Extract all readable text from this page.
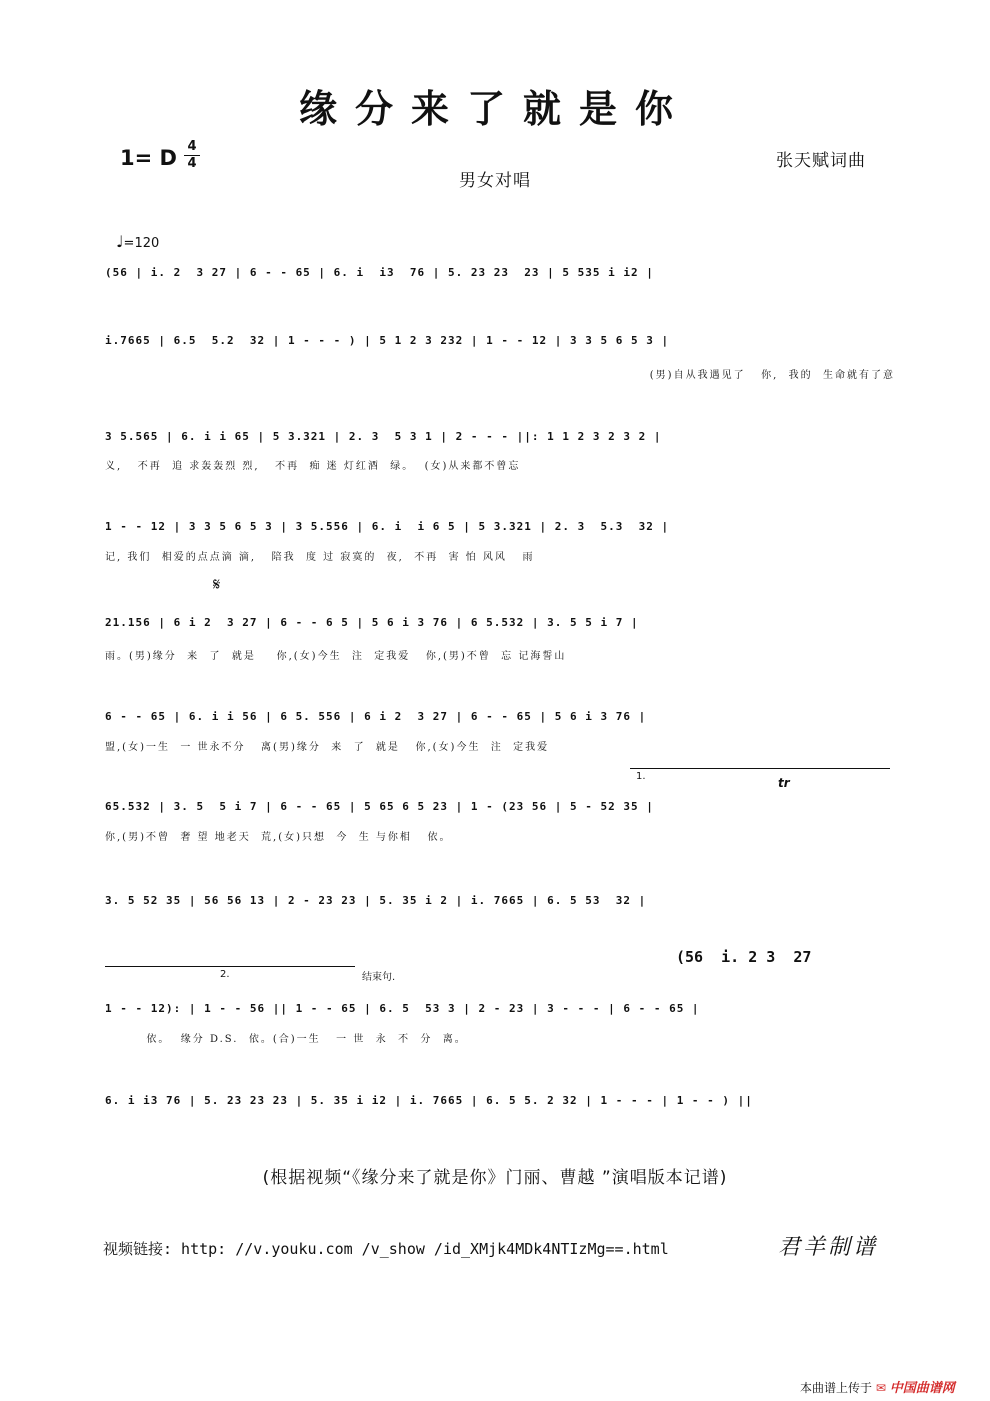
缘分来了就是你
1= D 4
4	张天赋词曲
男女对唱
♩=120
(56 | i. 2  3 27 | 6 - - 65 | 6. i  i3  76 | 5. 23 23  23 | 5 535 i i2 |
i.7665 | 6.5  5.2  32 | 1 - - - ) | 5 1 2 3 232 | 1 - - 12 | 3 3 5 6 5 3 |
(男)自从我遇见了   你,  我的  生命就有了意
3 5.565 | 6. i i 65 | 5 3.321 | 2. 3  5 3 1 | 2 - - - ||: 1 1 2 3 2 3 2 |
义,   不再  追 求轰轰烈 烈,   不再  痴 迷 灯红酒  绿。  (女)从来都不曾忘
1 - - 12 | 3 3 5 6 5 3 | 3 5.556 | 6. i  i 6 5 | 5 3.321 | 2. 3  5.3  32 |
记, 我们  相爱的点点滴 滴,   陪我  度 过 寂寞的  夜,  不再  害 怕 风风   雨
𝄋
21.156 | 6 i 2  3 27 | 6 - - 6 5 | 5 6 i 3 76 | 6 5.532 | 3. 5 5 i 7 |
雨。(男)缘分  来  了  就是    你,(女)今生  注  定我爱   你,(男)不曾  忘 记海誓山
6 - - 65 | 6. i i 56 | 6 5. 556 | 6 i 2  3 27 | 6 - - 65 | 5 6 i 3 76 |
盟,(女)一生  一 世永不分   离(男)缘分  来  了  就是   你,(女)今生  注  定我爱
1.	tr
65.532 | 3. 5  5 i 7 | 6 - - 65 | 5 65 6 5 23 | 1 - (23 56 | 5 - 52 35 |
你,(男)不曾  奢 望 地老天  荒,(女)只想  今  生 与你相   依。
3. 5 52 35 | 56 56 13 | 2 - 23 23 | 5. 35 i 2 | i. 7665 | 6. 5 53  32 |
2.	结束句.
(56  i. 2 3  27
1 - - 12): | 1 - - 56 || 1 - - 65 | 6. 5  53 3 | 2 - 23 | 3 - - - | 6 - - 65 |
依。  缘分 D.S.  依。(合)一生   一 世  永  不  分  离。
6. i i3 76 | 5. 23 23 23 | 5. 35 i i2 | i. 7665 | 6. 5 5. 2 32 | 1 - - - | 1 - - ) ||
(根据视频“《缘分来了就是你》门丽、曹越 ”演唱版本记谱)
视频链接: http: //v.youku.com /v_show /id_XMjk4MDk4NTIzMg==.html	君羊制谱
本曲谱上传于 ✉ 中国曲谱网
